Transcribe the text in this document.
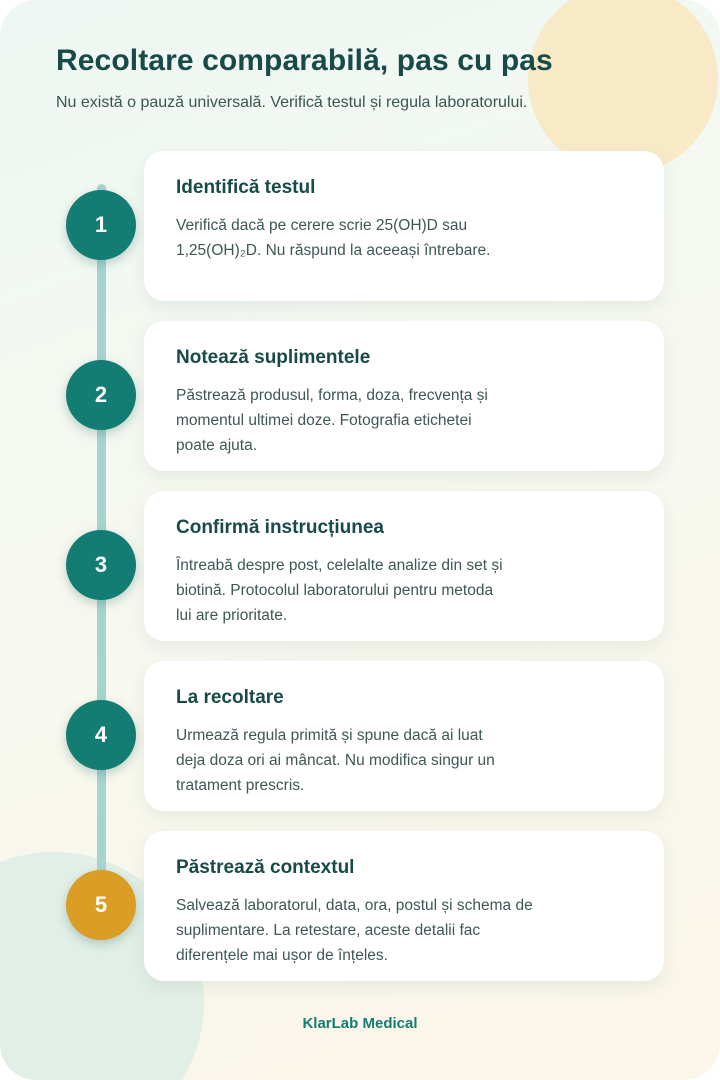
Recoltare comparabilă, pas cu pas

Nu există o pauză universală. Verifică testul și regula laboratorului.

1
Identifică testul

Verifică dacă pe cerere scrie 25(OH)D sau 1,25(OH)₂D. Nu răspund la aceeași întrebare.

2
Notează suplimentele

Păstrează produsul, forma, doza, frecvența și momentul ultimei doze. Fotografia etichetei poate ajuta.

3
Confirmă instrucțiunea

Întreabă despre post, celelalte analize din set și biotină. Protocolul laboratorului pentru metoda lui are prioritate.

4
La recoltare

Urmează regula primită și spune dacă ai luat deja doza ori ai mâncat. Nu modifica singur un tratament prescris.

5
Păstrează contextul

Salvează laboratorul, data, ora, postul și schema de suplimentare. La retestare, aceste detalii fac diferențele mai ușor de înțeles.

KlarLab Medical
